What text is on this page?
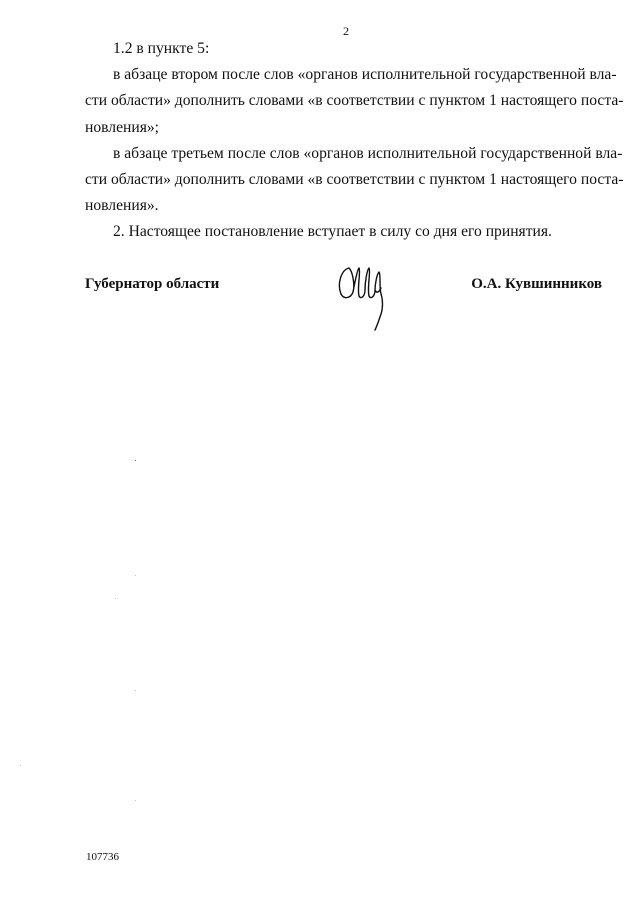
2

1.2 в пункте 5:

в абзаце втором после слов «органов исполнительной государственной вла-
сти области» дополнить словами «в соответствии с пунктом 1 настоящего поста-
новления»;

в абзаце третьем после слов «органов исполнительной государственной вла-
сти области» дополнить словами «в соответствии с пунктом 1 настоящего поста-
новления».

2. Настоящее постановление вступает в силу со дня его принятия.

Губернатор области	О.А. Кувшинников
107736
